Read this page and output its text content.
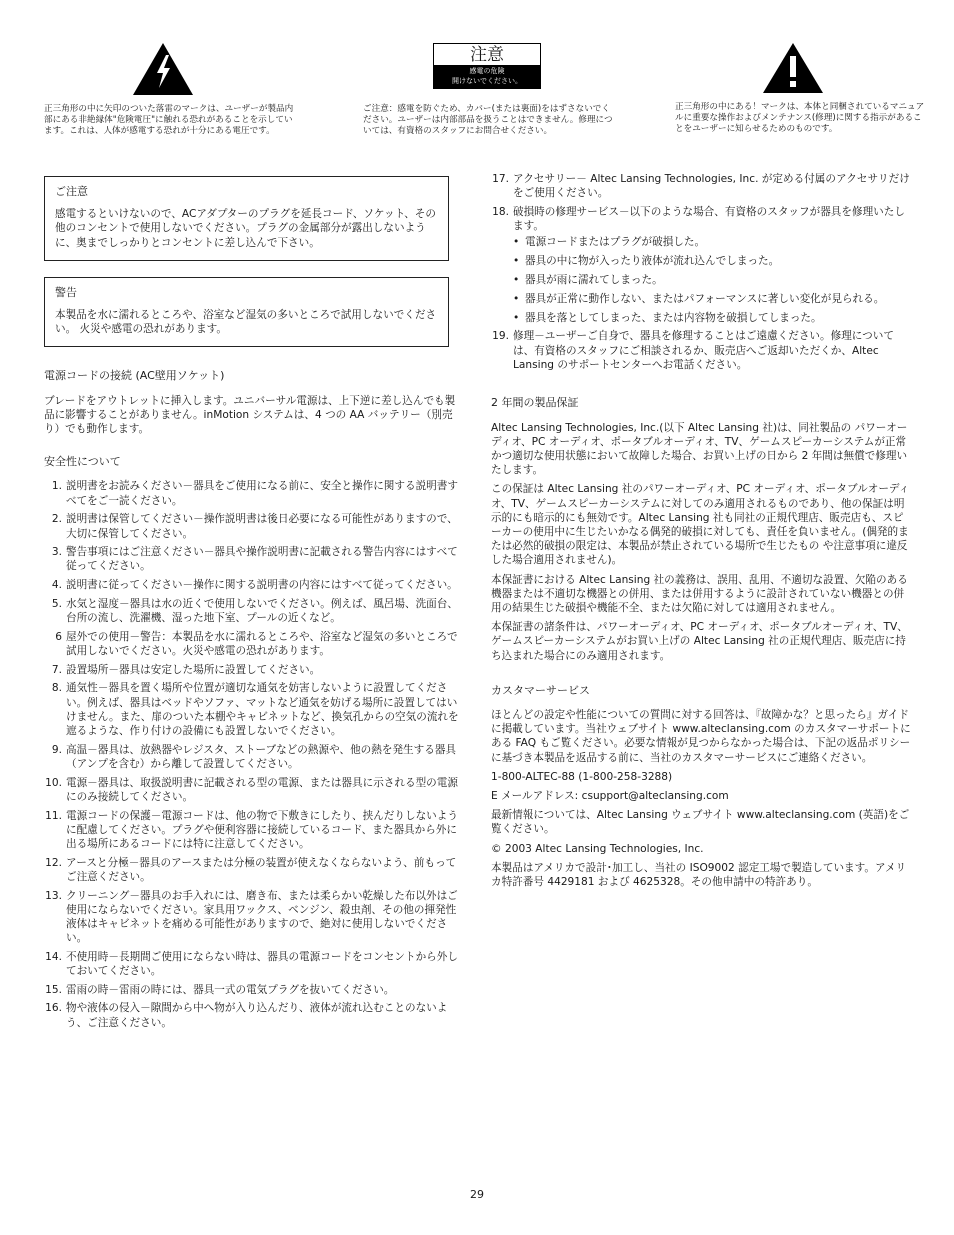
正三角形の中に矢印のついた落雷のマークは、ユーザーが製品内部にある非絶縁体"危険電圧"に触れる恐れがあることを示しています。これは、人体が感電する恐れが十分にある電圧です。
注意
感電の危険
開けないでください。
ご注意：感電を防ぐため、カバー(または裏面)をはずさないでください。ユーザーは内部部品を扱うことはできません。修理については、有資格のスタッフにお問合せください。
正三角形の中にある！マークは、本体と同梱されているマニュアルに重要な操作およびメンテナンス(修理)に関する指示があることをユーザーに知らせるためのものです。
ご注意
感電するといけないので、ACアダプターのプラグを延長コード、ソケット、その他のコンセントで使用しないでください。プラグの金属部分が露出しないように、奥までしっかりとコンセントに差し込んで下さい。
警告
本製品を水に濡れるところや、浴室など湿気の多いところで試用しないでください。 火災や感電の恐れがあります。
電源コードの接続 (AC壁用ソケット)

ブレードをアウトレットに挿入します。ユニバーサル電源は、上下逆に差し込んでも製品に影響することがありません。inMotion システムは、4 つの AA バッテリー（別売り）でも動作します。

安全性について
1. 説明書をお読みください－器具をご使用になる前に、安全と操作に関する説明書すべてをご一読ください。
2. 説明書は保管してください－操作説明書は後日必要になる可能性がありますので、大切に保管してください。
3. 警告事項にはご注意ください－器具や操作説明書に記載される警告内容にはすべて従ってください。
4. 説明書に従ってください－操作に関する説明書の内容にはすべて従ってください。
5. 水気と湿度－器具は水の近くで使用しないでください。例えば、風呂場、洗面台、台所の流し、洗濯機、湿った地下室、プールの近くなど。
6 屋外での使用－警告：本製品を水に濡れるところや、浴室など湿気の多いところで試用しないでください。火災や感電の恐れがあります。
7. 設置場所－器具は安定した場所に設置してください。
8. 通気性－器具を置く場所や位置が適切な通気を妨害しないように設置してください。例えば、器具はベッドやソファ、マットなど通気を妨げる場所に設置してはいけません。また、扉のついた本棚やキャビネットなど、換気孔からの空気の流れを遮るような、作り付けの設備にも設置しないでください。
9. 高温－器具は、放熱器やレジスタ、ストーブなどの熱源や、他の熱を発生する器具（アンプを含む）から離して設置してください。
10. 電源－器具は、取扱説明書に記載される型の電源、または器具に示される型の電源にのみ接続してください。
11. 電源コードの保護－電源コードは、他の物で下敷きにしたり、挟んだりしないように配慮してください。プラグや便利容器に接続しているコード、また器具から外に出る場所にあるコードには特に注意してください。
12. アースと分極－器具のアースまたは分極の装置が使えなくならないよう、前もってご注意ください。
13. クリーニング－器具のお手入れには、磨き布、または柔らかい乾燥した布以外はご使用にならないでください。家具用ワックス、ベンジン、殺虫剤、その他の揮発性液体はキャビネットを痛める可能性がありますので、絶対に使用しないでください。
14. 不使用時－長期間ご使用にならない時は、器具の電源コードをコンセントから外しておいてください。
15. 雷雨の時－雷雨の時には、器具一式の電気プラグを抜いてください。
16. 物や液体の侵入－隙間から中へ物が入り込んだり、液体が流れ込むことのないよう、ご注意ください。
17. アクセサリー－ Altec Lansing Technologies, Inc. が定める付属のアクセサリだけをご使用ください。
18. 破損時の修理サービス－以下のような場合、有資格のスタッフが器具を修理いたします。
• 電源コードまたはプラグが破損した。
• 器具の中に物が入ったり液体が流れ込んでしまった。
• 器具が雨に濡れてしまった。
• 器具が正常に動作しない、またはパフォーマンスに著しい変化が見られる。
• 器具を落としてしまった、または内容物を破損してしまった。
19. 修理－ユーザーご自身で、器具を修理することはご遠慮ください。修理については、有資格のスタッフにご相談されるか、販売店へご返却いただくか、Altec Lansing のサポートセンターへお電話ください。
2 年間の製品保証

Altec Lansing Technologies, Inc.(以下 Altec Lansing 社)は、同社製品の パワーオーディオ、PC オーディオ、ポータブルオーディオ、TV、ゲームスピーカーシステムが正常かつ適切な使用状態において故障した場合、お買い上げの日から 2 年間は無償で修理いたします。

この保証は Altec Lansing 社のパワーオーディオ、PC オーディオ、ポータブルオーディオ、TV、ゲームスピーカーシステムに対してのみ適用されるものであり、他の保証は明示的にも暗示的にも無効です。Altec Lansing 社も同社の正規代理店、販売店も、スピーカーの使用中に生じたいかなる偶発的破損に対しても、責任を負いません。(偶発的または必然的破損の限定は、本製品が禁止されている場所で生じたもの や注意事項に違反した場合適用されません)。

本保証書における Altec Lansing 社の義務は、誤用、乱用、不適切な設置、欠陥のある機器または不適切な機器との併用、または併用するように設計されていない機器との併用の結果生じた破損や機能不全、または欠陥に対しては適用されません。

本保証書の諸条件は、パワーオーディオ、PC オーディオ、ポータブルオーディオ、TV、ゲームスピーカーシステムがお買い上げの Altec Lansing 社の正規代理店、販売店に持ち込まれた場合にのみ適用されます。

カスタマーサービス

ほとんどの設定や性能についての質問に対する回答は、『故障かな？と思ったら』ガイドに掲載しています。当社ウェブサイト www.alteclansing.com のカスタマーサポートにある FAQ もご覧ください。必要な情報が見つからなかった場合は、下記の返品ポリシーに基づき本製品を返品する前に、当社のカスタマーサービスにご連絡ください。

1-800-ALTEC-88 (1-800-258-3288)

E メールアドレス: csupport@alteclansing.com

最新情報については、Altec Lansing ウェブサイト www.alteclansing.com (英語)をご覧ください。

© 2003 Altec Lansing Technologies, Inc.

本製品はアメリカで設計･加工し、当社の ISO9002 認定工場で製造しています。アメリカ特許番号 4429181 および 4625328。その他申請中の特許あり。

29
